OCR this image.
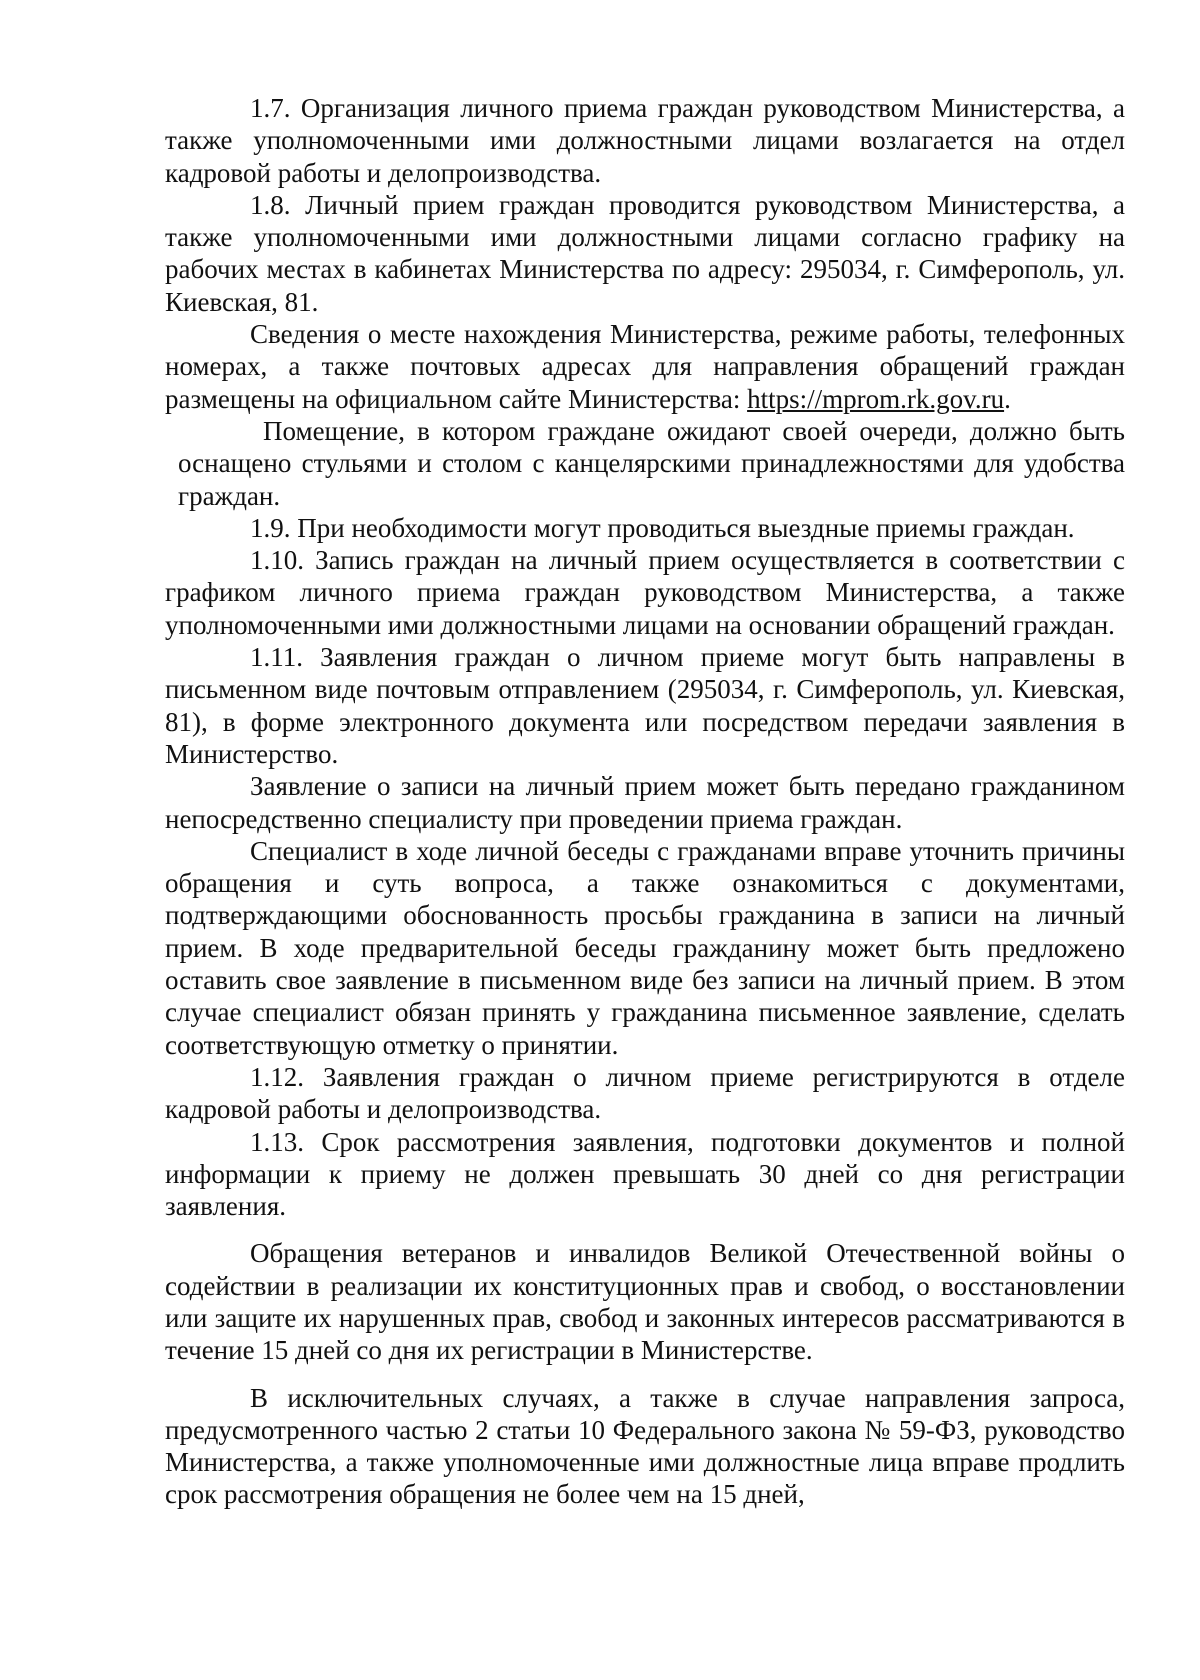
1.7. Организация личного приема граждан руководством Министерства, а также уполномоченными ими должностными лицами возлагается на отдел кадровой работы и делопроизводства.

1.8. Личный прием граждан проводится руководством Министерства, а также уполномоченными ими должностными лицами согласно графику на рабочих местах в кабинетах Министерства по адресу: 295034, г. Симферополь, ул. Киевская, 81.

Сведения о месте нахождения Министерства, режиме работы, телефонных номерах, а также почтовых адресах для направления обращений граждан размещены на официальном сайте Министерства: https://mprom.rk.gov.ru.

Помещение, в котором граждане ожидают своей очереди, должно быть оснащено стульями и столом с канцелярскими принадлежностями для удобства граждан.

1.9. При необходимости могут проводиться выездные приемы граждан.

1.10. Запись граждан на личный прием осуществляется в соответствии с графиком личного приема граждан руководством Министерства, а также уполномоченными ими должностными лицами на основании обращений граждан.

1.11. Заявления граждан о личном приеме могут быть направлены в письменном виде почтовым отправлением (295034, г. Симферополь, ул. Киевская, 81), в форме электронного документа или посредством передачи заявления в Министерство.

Заявление о записи на личный прием может быть передано гражданином непосредственно специалисту при проведении приема граждан.

Специалист в ходе личной беседы с гражданами вправе уточнить причины обращения и суть вопроса, а также ознакомиться с документами, подтверждающими обоснованность просьбы гражданина в записи на личный прием. В ходе предварительной беседы гражданину может быть предложено оставить свое заявление в письменном виде без записи на личный прием. В этом случае специалист обязан принять у гражданина письменное заявление, сделать соответствующую отметку о принятии.

1.12. Заявления граждан о личном приеме регистрируются в отделе кадровой работы и делопроизводства.

1.13. Срок рассмотрения заявления, подготовки документов и полной информации к приему не должен превышать 30 дней со дня регистрации заявления.

Обращения ветеранов и инвалидов Великой Отечественной войны о содействии в реализации их конституционных прав и свобод, о восстановлении или защите их нарушенных прав, свобод и законных интересов рассматриваются в течение 15 дней со дня их регистрации в Министерстве.

В исключительных случаях, а также в случае направления запроса, предусмотренного частью 2 статьи 10 Федерального закона № 59-ФЗ, руководство Министерства, а также уполномоченные ими должностные лица вправе продлить срок рассмотрения обращения не более чем на 15 дней,
